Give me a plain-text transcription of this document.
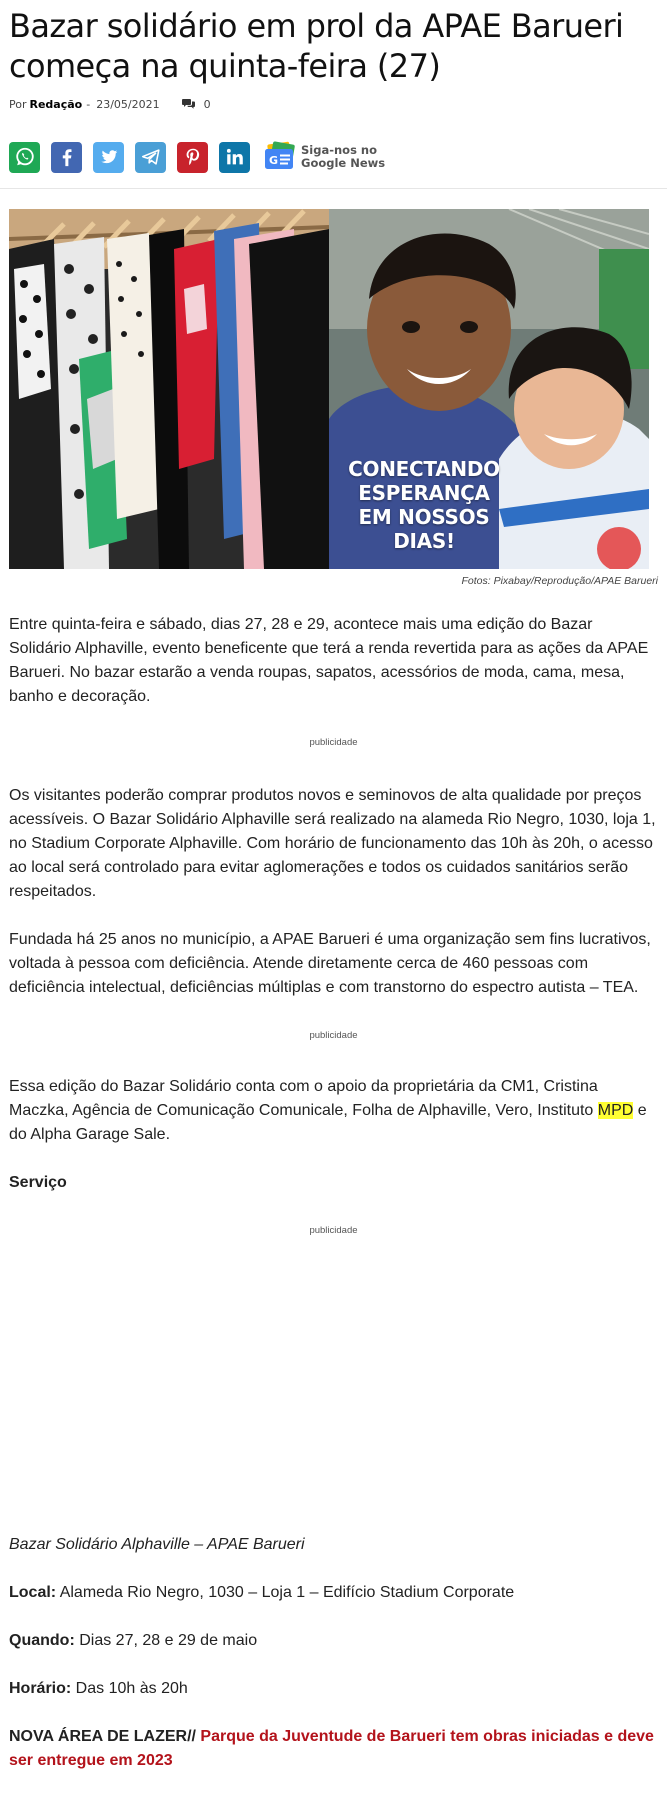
Bazar solidário em prol da APAE Barueri começa na quinta-feira (27)
Por Redação - 23/05/2021	0
G
Siga-nos no
Google News
CONECTANDO
ESPERANÇA
EM NOSSOS
DIAS!
Fotos: Pixabay/Reprodução/APAE Barueri

Entre quinta-feira e sábado, dias 27, 28 e 29, acontece mais uma edição do Bazar Solidário Alphaville, evento beneficente que terá a renda revertida para as ações da APAE Barueri. No bazar estarão a venda roupas, sapatos, acessórios de moda, cama, mesa, banho e decoração.

publicidade

Os visitantes poderão comprar produtos novos e seminovos de alta qualidade por preços acessíveis. O Bazar Solidário Alphaville será realizado na alameda Rio Negro, 1030, loja 1, no Stadium Corporate Alphaville. Com horário de funcionamento das 10h às 20h, o acesso ao local será controlado para evitar aglomerações e todos os cuidados sanitários serão respeitados.

Fundada há 25 anos no município, a APAE Barueri é uma organização sem fins lucrativos, voltada à pessoa com deficiência. Atende diretamente cerca de 460 pessoas com deficiência intelectual, deficiências múltiplas e com transtorno do espectro autista – TEA.

publicidade

Essa edição do Bazar Solidário conta com o apoio da proprietária da CM1, Cristina Maczka, Agência de Comunicação Comunicale, Folha de Alphaville, Vero, Instituto MPD e do Alpha Garage Sale.

Serviço

publicidade

Bazar Solidário Alphaville – APAE Barueri

Local: Alameda Rio Negro, 1030 – Loja 1 – Edifício Stadium Corporate

Quando: Dias 27, 28 e 29 de maio

Horário: Das 10h às 20h

NOVA ÁREA DE LAZER// Parque da Juventude de Barueri tem obras iniciadas e deve ser entregue em 2023
